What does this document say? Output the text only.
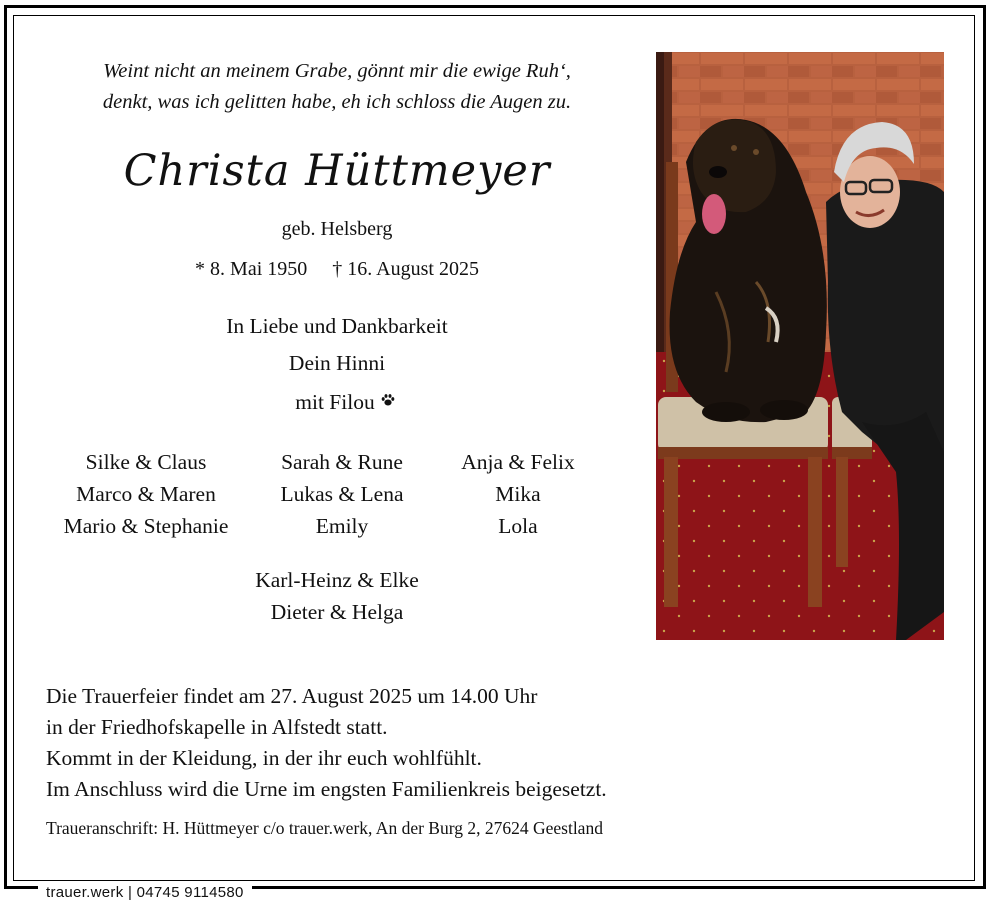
trauer.werk | 04745 9114580
Weint nicht an meinem Grabe, gönnt mir die ewige Ruh‘,
denkt, was ich gelitten habe, eh ich schloss die Augen zu.
Christa Hüttmeyer
geb. Helsberg
* 8. Mai 1950 † 16. August 2025
In Liebe und Dankbarkeit
Dein Hinni
mit Filou
Silke & Claus
Marco & Maren
Mario & Stephanie
Sarah & Rune
Lukas & Lena
Emily
Anja & Felix
Mika
Lola
Karl-Heinz & Elke
Dieter & Helga
Die Trauerfeier findet am 27. August 2025 um 14.00 Uhr
in der Friedhofskapelle in Alfstedt statt.
Kommt in der Kleidung, in der ihr euch wohlfühlt.
Im Anschluss wird die Urne im engsten Familienkreis beigesetzt.
Traueranschrift: H. Hüttmeyer c/o trauer.werk, An der Burg 2, 27624 Geestland
